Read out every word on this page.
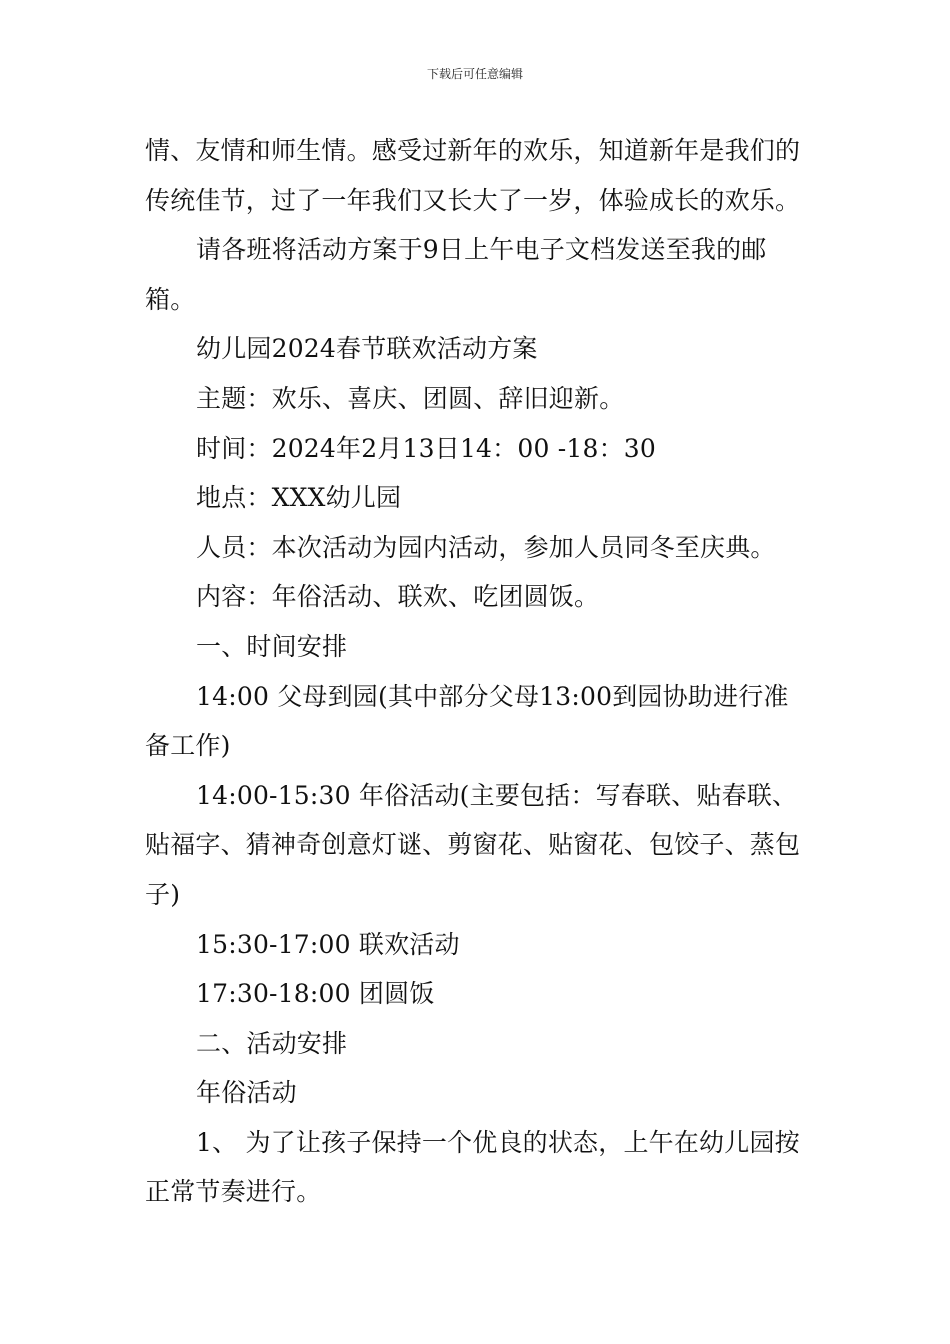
下载后可任意编辑

情、友情和师生情。感受过新年的欢乐，知道新年是我们的传统佳节，过了一年我们又长大了一岁，体验成长的欢乐。

请各班将活动方案于9日上午电子文档发送至我的邮箱。

幼儿园2024春节联欢活动方案

主题：欢乐、喜庆、团圆、辞旧迎新。

时间：2024年2月13日14：00 -18：30

地点：XXX幼儿园

人员：本次活动为园内活动，参加人员同冬至庆典。

内容：年俗活动、联欢、吃团圆饭。

一、时间安排

14:00 父母到园(其中部分父母13:00到园协助进行准备工作)

14:00-15:30 年俗活动(主要包括：写春联、贴春联、贴福字、猜神奇创意灯谜、剪窗花、贴窗花、包饺子、蒸包子)

15:30-17:00 联欢活动

17:30-18:00 团圆饭

二、活动安排

年俗活动

1、 为了让孩子保持一个优良的状态，上午在幼儿园按正常节奏进行。
